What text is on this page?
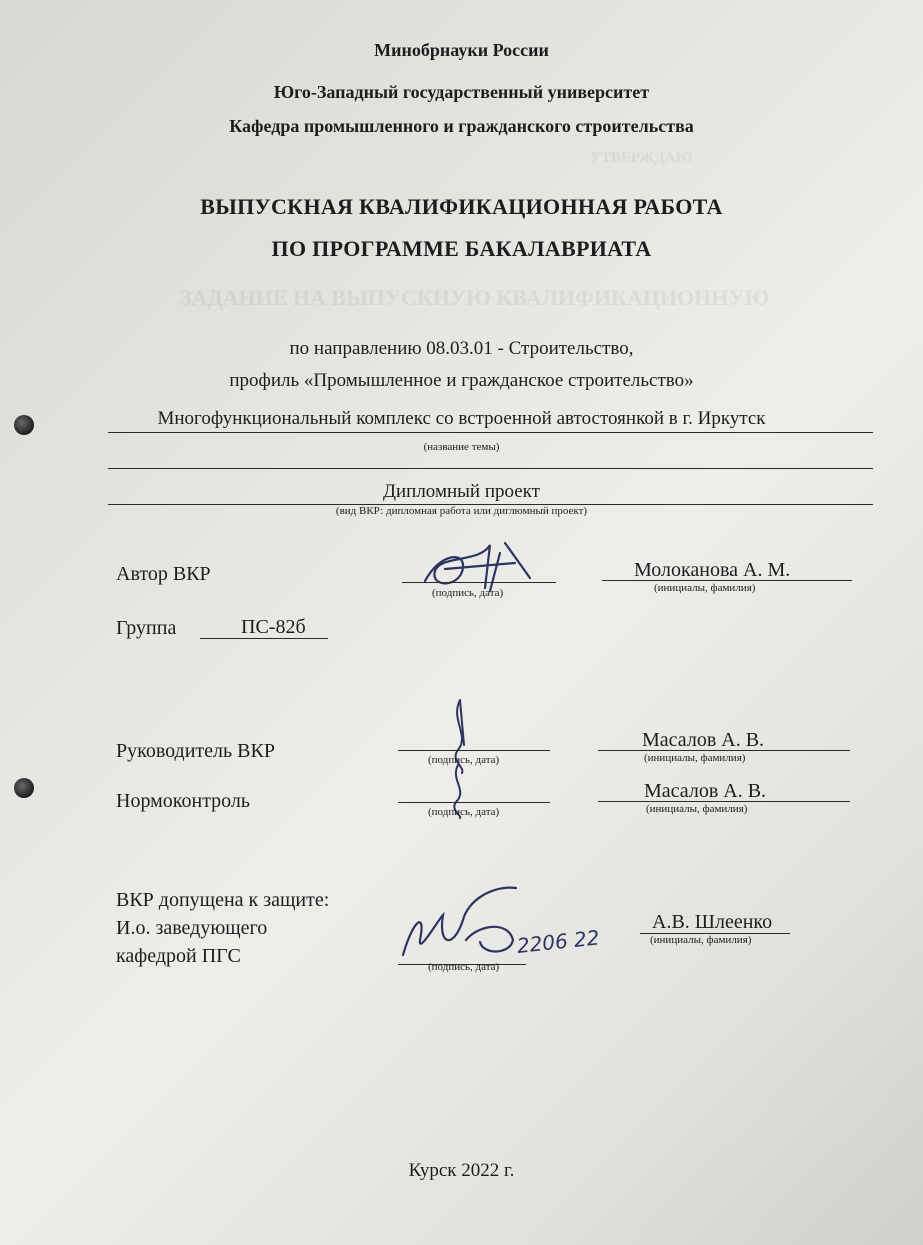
УТВЕРЖДАЮ
ЗАДАНИЕ НА ВЫПУСКНУЮ КВАЛИФИКАЦИОННУЮ
Минобрнауки России
Юго-Западный государственный университет
Кафедра промышленного и гражданского строительства
ВЫПУСКНАЯ КВАЛИФИКАЦИОННАЯ РАБОТА
ПО ПРОГРАММЕ БАКАЛАВРИАТА
по направлению 08.03.01 - Строительство,
профиль «Промышленное и гражданское строительство»
Многофункциональный комплекс со встроенной автостоянкой в г. Иркутск
(название темы)
Дипломный проект
(вид ВКР: дипломная работа или диглюмный проект)
Автор ВКР
(подпись, дата)
Молоканова А. М.
(инициалы, фамилия)
Группа	ПС-82б
Руководитель ВКР	(подпись, дата)
Масалов А. В.
(инициалы, фамилия)
Нормоконтроль	(подпись, дата)
Масалов А. В.
(инициалы, фамилия)
ВКР допущена к защите:
И.о. заведующего
кафедрой ПГС	2206 22
(подпись, дата)
А.В. Шлеенко
(инициалы, фамилия)
Курск 2022 г.
